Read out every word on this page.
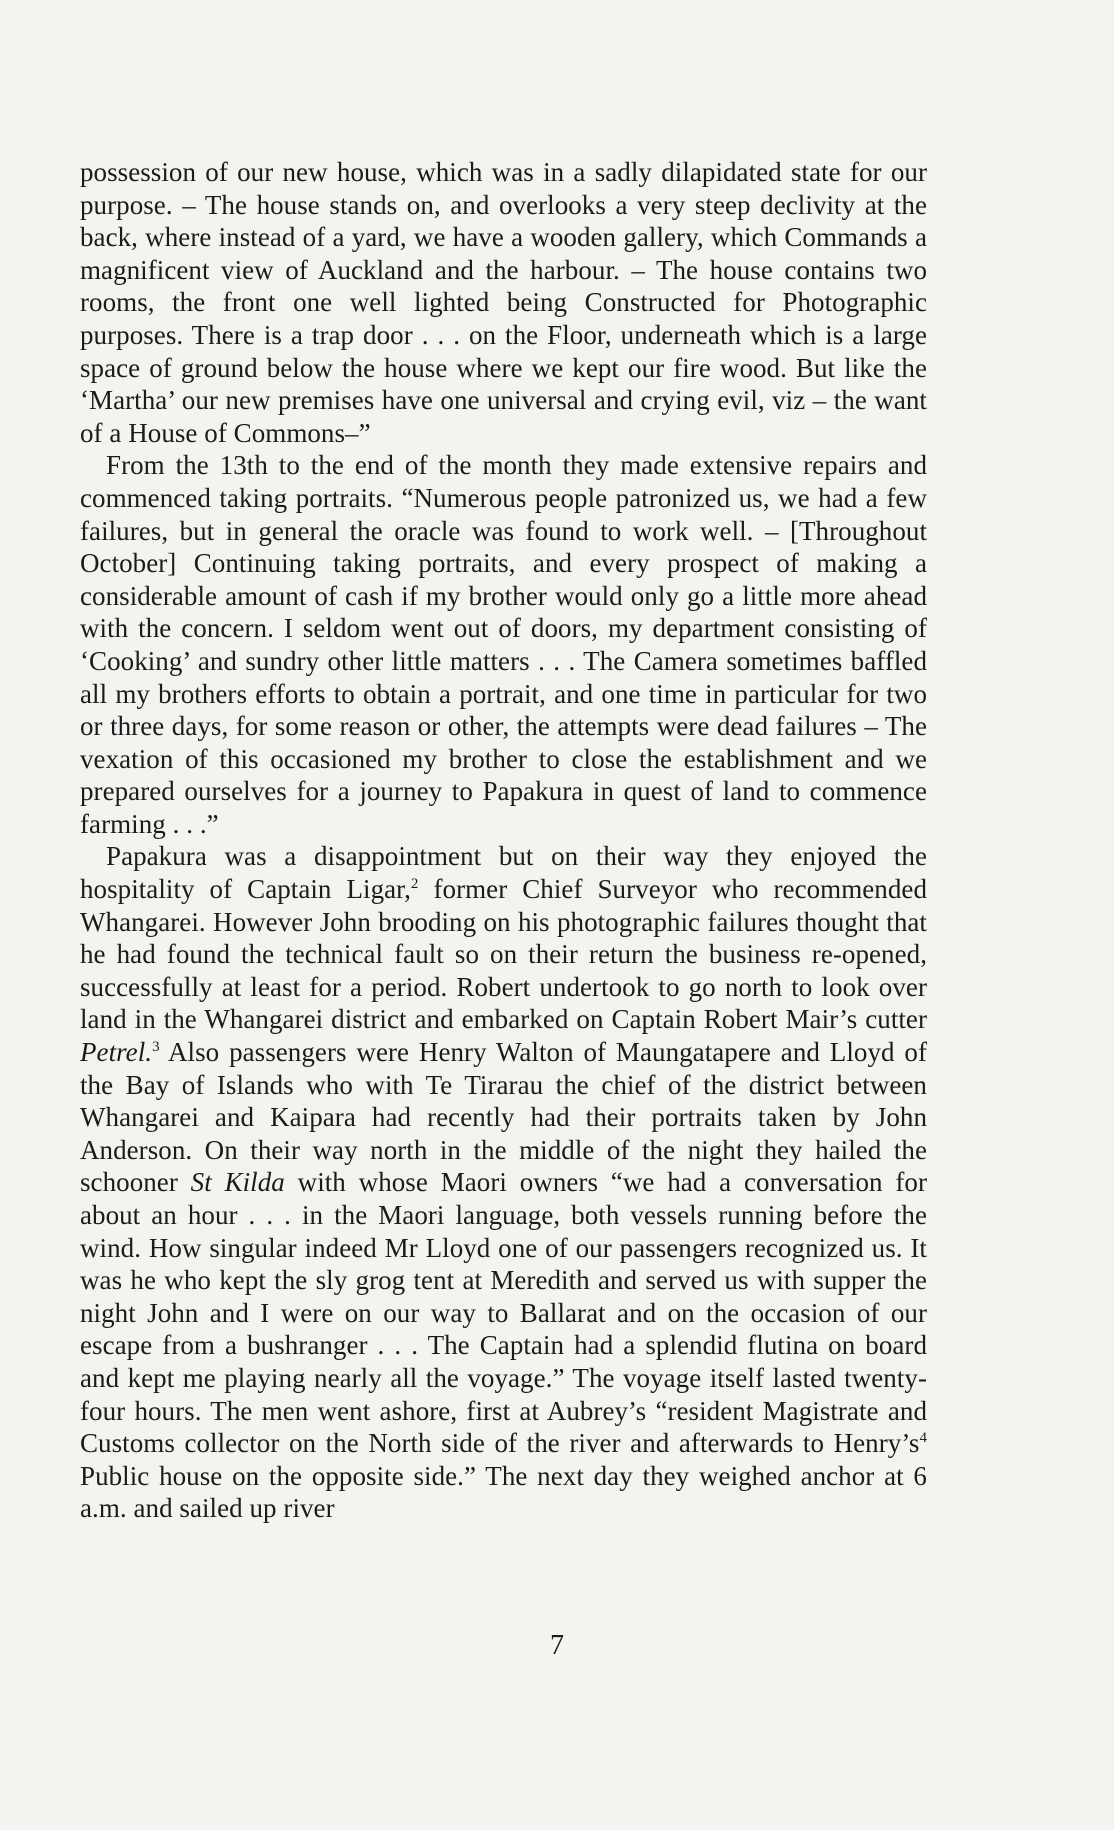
possession of our new house, which was in a sadly dilapidated state for our purpose. – The house stands on, and overlooks a very steep declivity at the back, where instead of a yard, we have a wooden gallery, which Commands a magnificent view of Auckland and the harbour. – The house contains two rooms, the front one well lighted being Constructed for Photographic purposes. There is a trap door . . . on the Floor, underneath which is a large space of ground below the house where we kept our fire wood. But like the ‘Martha’ our new premises have one universal and crying evil, viz – the want of a House of Commons–”

From the 13th to the end of the month they made extensive repairs and commenced taking portraits. “Numerous people patronized us, we had a few failures, but in general the oracle was found to work well. – [Throughout October] Continuing taking portraits, and every prospect of making a considerable amount of cash if my brother would only go a little more ahead with the concern. I seldom went out of doors, my department consisting of ‘Cooking’ and sundry other little matters . . . The Camera sometimes baffled all my brothers efforts to obtain a portrait, and one time in particular for two or three days, for some reason or other, the attempts were dead failures – The vexation of this occasioned my brother to close the establishment and we prepared ourselves for a journey to Papakura in quest of land to commence farming . . .”

Papakura was a disappointment but on their way they enjoyed the hospitality of Captain Ligar,$^2$ former Chief Surveyor who recommended Whangarei. However John brooding on his photographic failures thought that he had found the technical fault so on their return the business re-opened, successfully at least for a period. Robert undertook to go north to look over land in the Whangarei district and embarked on Captain Robert Mair’s cutter Petrel.$^3$ Also passengers were Henry Walton of Maungatapere and Lloyd of the Bay of Islands who with Te Tirarau the chief of the district between Whangarei and Kaipara had recently had their portraits taken by John Anderson. On their way north in the middle of the night they hailed the schooner St Kilda with whose Maori owners “we had a conversation for about an hour . . . in the Maori language, both vessels running before the wind. How singular indeed Mr Lloyd one of our passengers recognized us. It was he who kept the sly grog tent at Meredith and served us with supper the night John and I were on our way to Ballarat and on the occasion of our escape from a bushranger . . . The Captain had a splendid flutina on board and kept me playing nearly all the voyage.” The voyage itself lasted twenty-four hours. The men went ashore, first at Aubrey’s “resident Magistrate and Customs collector on the North side of the river and afterwards to $Henry’s^4$ Public house on the opposite side.” The next day they weighed anchor at 6 a.m. and sailed up river

7
